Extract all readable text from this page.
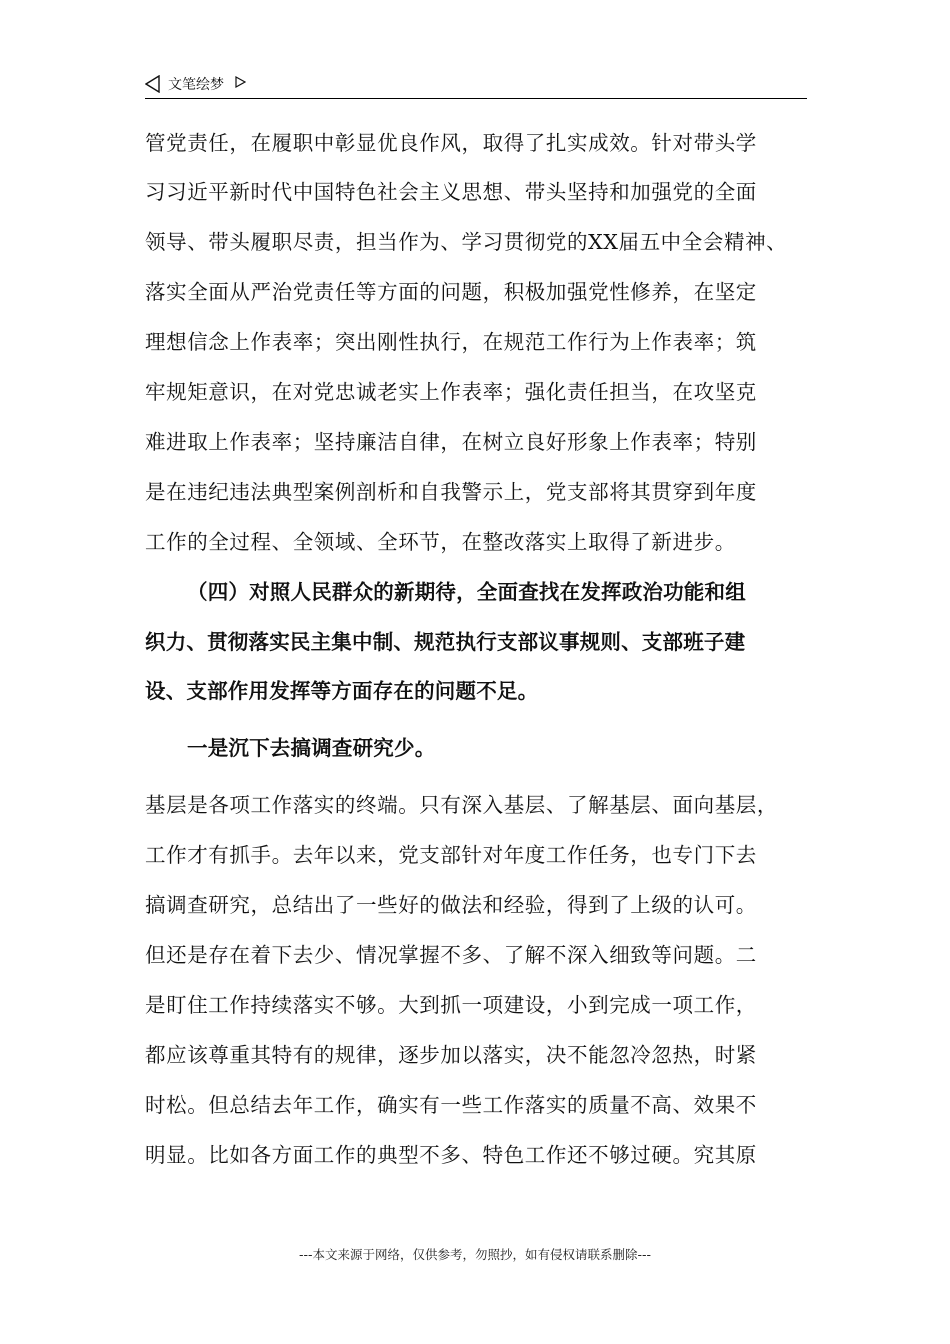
文笔绘梦
管党责任，在履职中彰显优良作风，取得了扎实成效。针对带头学
习习近平新时代中国特色社会主义思想、带头坚持和加强党的全面
领导、带头履职尽责，担当作为、学习贯彻党的XX届五中全会精神、
落实全面从严治党责任等方面的问题，积极加强党性修养，在坚定
理想信念上作表率；突出刚性执行，在规范工作行为上作表率；筑
牢规矩意识，在对党忠诚老实上作表率；强化责任担当，在攻坚克
难进取上作表率；坚持廉洁自律，在树立良好形象上作表率；特别
是在违纪违法典型案例剖析和自我警示上，党支部将其贯穿到年度
工作的全过程、全领域、全环节，在整改落实上取得了新进步。
（四）对照人民群众的新期待，全面查找在发挥政治功能和组
织力、贯彻落实民主集中制、规范执行支部议事规则、支部班子建
设、支部作用发挥等方面存在的问题不足。
一是沉下去搞调查研究少。
基层是各项工作落实的终端。只有深入基层、了解基层、面向基层，
工作才有抓手。去年以来，党支部针对年度工作任务，也专门下去
搞调查研究，总结出了一些好的做法和经验，得到了上级的认可。
但还是存在着下去少、情况掌握不多、了解不深入细致等问题。二
是盯住工作持续落实不够。大到抓一项建设，小到完成一项工作，
都应该尊重其特有的规律，逐步加以落实，决不能忽冷忽热，时紧
时松。但总结去年工作，确实有一些工作落实的质量不高、效果不
明显。比如各方面工作的典型不多、特色工作还不够过硬。究其原
---本文来源于网络，仅供参考，勿照抄，如有侵权请联系删除---
